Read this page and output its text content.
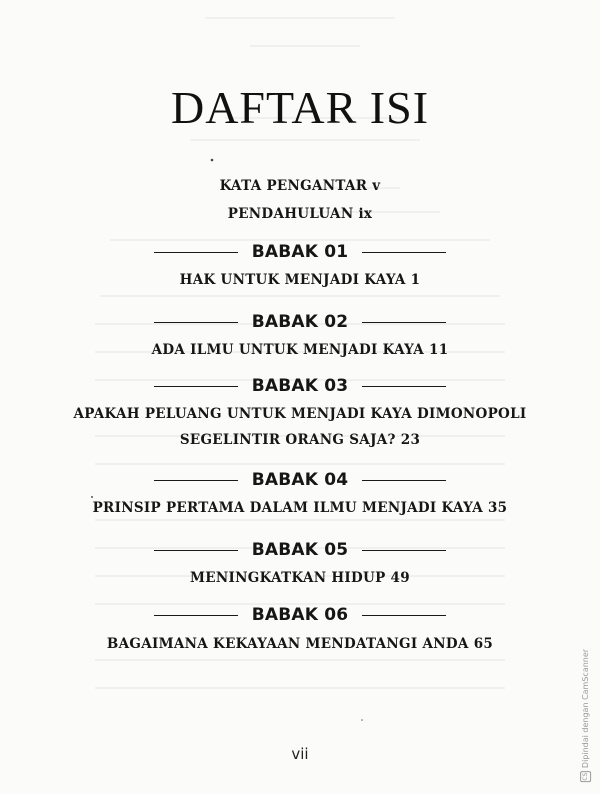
DAFTAR ISI
KATA PENGANTAR v
PENDAHULUAN ix
BABAK 01
HAK UNTUK MENJADI KAYA 1
BABAK 02
ADA ILMU UNTUK MENJADI KAYA 11
BABAK 03
APAKAH PELUANG UNTUK MENJADI KAYA DIMONOPOLI
SEGELINTIR ORANG SAJA? 23
BABAK 04
PRINSIP PERTAMA DALAM ILMU MENJADI KAYA 35
BABAK 05
MENINGKATKAN HIDUP 49
BABAK 06
BAGAIMANA KEKAYAAN MENDATANGI ANDA 65
vii
CS
Dipindai dengan CamScanner
